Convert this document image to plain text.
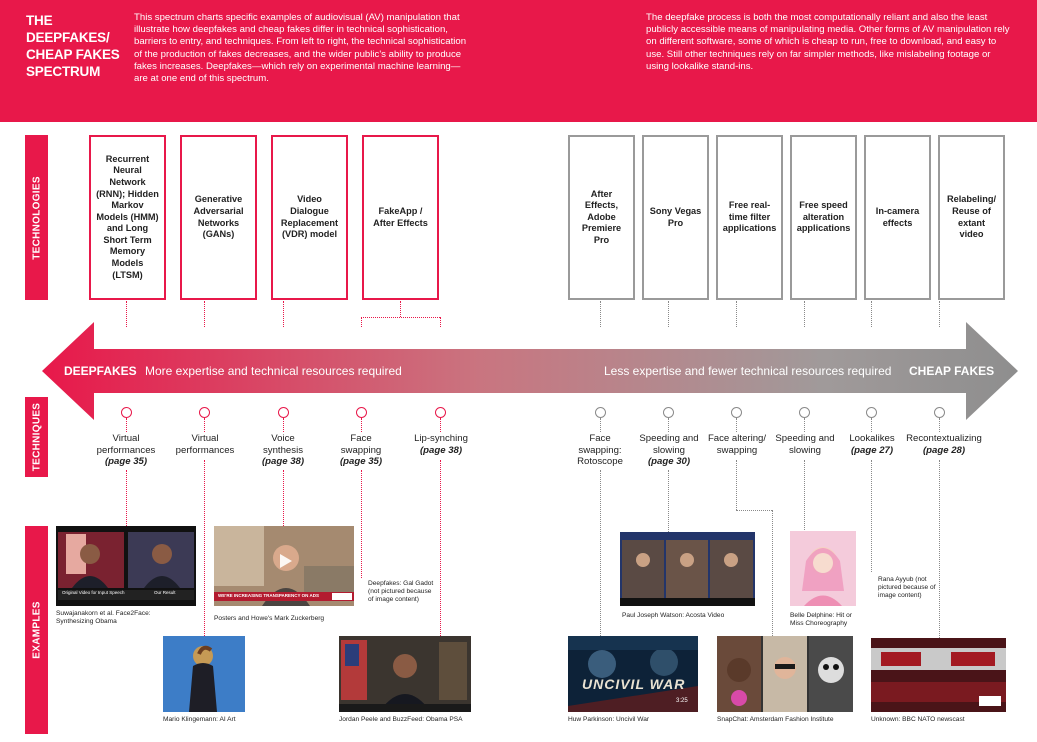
THE DEEPFAKES/ CHEAP FAKES SPECTRUM
This spectrum charts specific examples of audiovisual (AV) manipulation that illustrate how deepfakes and cheap fakes differ in technical sophistication, barriers to entry, and techniques. From left to right, the technical sophistication of the production of fakes decreases, and the wider public's ability to produce fakes increases. Deepfakes—which rely on experimental machine learning—are at one end of this spectrum.
The deepfake process is both the most computationally reliant and also the least publicly accessible means of manipulating media. Other forms of AV manipulation rely on different software, some of which is cheap to run, free to download, and easy to use. Still other techniques rely on far simpler methods, like mislabeling footage or using lookalike stand-ins.
TECHNOLOGIES
TECHNIQUES
EXAMPLES
Recurrent Neural Network (RNN); Hidden Markov Models (HMM) and Long Short Term Memory Models (LTSM)
Generative Adversarial Networks (GANs)
Video Dialogue Replacement (VDR) model
FakeApp / After Effects
After Effects, Adobe Premiere Pro
Sony Vegas Pro
Free real-time filter applications
Free speed alteration applications
In-camera effects
Relabeling/ Reuse of extant video
DEEPFAKES More expertise and technical resources required	Less expertise and fewer technical resources required CHEAP FAKES
Virtual performances
(page 35)
Virtual performances
Voice synthesis
(page 38)
Face swapping
(page 35)
Lip-synching
(page 38)
Face swapping: Rotoscope
Speeding and slowing
(page 30)
Face altering/ swapping
Speeding and slowing
Lookalikes
(page 27)
Recontextualizing
(page 28)
Original Video for Input Speech	Our Result
Suwajanakorn et al. Face2Face: Synthesizing Obama
WE'RE INCREASING TRANSPARENCY ON ADS
Posters and Howe's Mark Zuckerberg
Deepfakes: Gal Gadot (not pictured because of image content)
Mario Klingemann: AI Art	Jordan Peele and BuzzFeed: Obama PSA
Paul Joseph Watson: Acosta Video	Belle Delphine: Hit or Miss Choreography
Rana Ayyub (not pictured because of image content)
UNCIVIL WAR
3:25
Huw Parkinson: Uncivil War	SnapChat: Amsterdam Fashion Institute	Unknown: BBC NATO newscast
